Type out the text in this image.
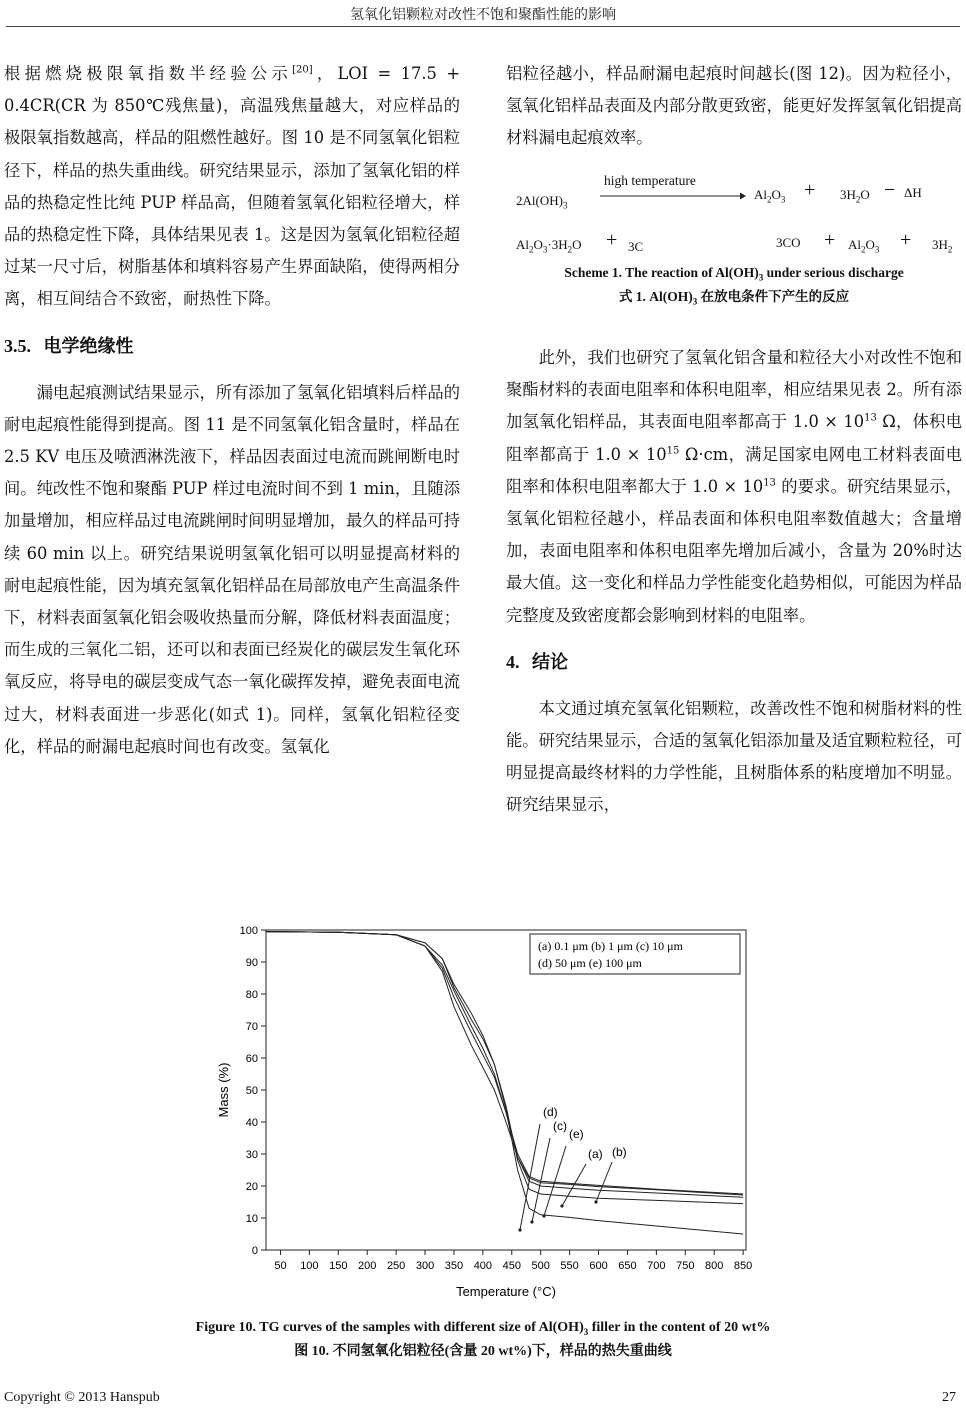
氢氧化铝颗粒对改性不饱和聚酯性能的影响

根据燃烧极限氧指数半经验公示[20]，LOI = 17.5 + 0.4CR(CR 为 850℃残焦量)，高温残焦量越大，对应样品的极限氧指数越高，样品的阻燃性越好。图 10 是不同氢氧化铝粒径下，样品的热失重曲线。研究结果显示，添加了氢氧化铝的样品的热稳定性比纯 PUP 样品高，但随着氢氧化铝粒径增大，样品的热稳定性下降，具体结果见表 1。这是因为氢氧化铝粒径超过某一尺寸后，树脂基体和填料容易产生界面缺陷，使得两相分离，相互间结合不致密，耐热性下降。

3.5. 电学绝缘性

漏电起痕测试结果显示，所有添加了氢氧化铝填料后样品的耐电起痕性能得到提高。图 11 是不同氢氧化铝含量时，样品在 2.5 KV 电压及喷洒淋洗液下，样品因表面过电流而跳闸断电时间。纯改性不饱和聚酯 PUP 样过电流时间不到 1 min，且随添加量增加，相应样品过电流跳闸时间明显增加，最久的样品可持续 60 min 以上。研究结果说明氢氧化铝可以明显提高材料的耐电起痕性能，因为填充氢氧化铝样品在局部放电产生高温条件下，材料表面氢氧化铝会吸收热量而分解，降低材料表面温度；而生成的三氧化二铝，还可以和表面已经炭化的碳层发生氧化环氧反应，将导电的碳层变成气态一氧化碳挥发掉，避免表面电流过大，材料表面进一步恶化(如式 1)。同样，氢氧化铝粒径变化，样品的耐漏电起痕时间也有改变。氢氧化

铝粒径越小，样品耐漏电起痕时间越长(图 12)。因为粒径小，氢氧化铝样品表面及内部分散更致密，能更好发挥氢氧化铝提高材料漏电起痕效率。

$2Al(OH)_3$
high temperature
$Al_2O_3 + 3H_2O - \Delta H$
$Al_2O_3\cdot 3H_2O + 3C$	$3CO + Al_2O_3 + 3H_2$
Scheme 1. The reaction of $Al(OH)_3$ under serious discharge
式 1. $Al(OH)_3$ 在放电条件下产生的反应

此外，我们也研究了氢氧化铝含量和粒径大小对改性不饱和聚酯材料的表面电阻率和体积电阻率，相应结果见表 2。所有添加氢氧化铝样品，其表面电阻率都高于 $1.0 \times 10^{13}$ Ω，体积电阻率都高于 $1.0 \times 10^{15}$ Ω·cm，满足国家电网电工材料表面电阻率和体积电阻率都大于 $1.0 \times 10^{13}$ 的要求。研究结果显示，氢氧化铝粒径越小，样品表面和体积电阻率数值越大；含量增加，表面电阻率和体积电阻率先增加后减小，含量为 20%时达最大值。这一变化和样品力学性能变化趋势相似，可能因为样品完整度及致密度都会影响到材料的电阻率。

4. 结论

本文通过填充氢氧化铝颗粒，改善改性不饱和树脂材料的性能。研究结果显示，合适的氢氧化铝添加量及适宜颗粒粒径，可明显提高最终材料的力学性能，且树脂体系的粘度增加不明显。研究结果显示，

50 100 150 200 250 300 350 400 450 500 550 600 650 700 750 800 850
0
10
20
30
40
50
60
70
80
90
100
(a) 0.1 μm (b) 1 μm (c) 10 μm
(d) 50 μm (e) 100 μm
(d)
(c)
(e)
(a) (b)
Temperature (°C)
Mass (%)
Figure 10. TG curves of the samples with different size of $Al(OH)_3$ filler in the content of 20 wt%
图 10. 不同氢氧化铝粒径(含量 20 wt%)下，样品的热失重曲线
Copyright © 2013 Hanspub	27
